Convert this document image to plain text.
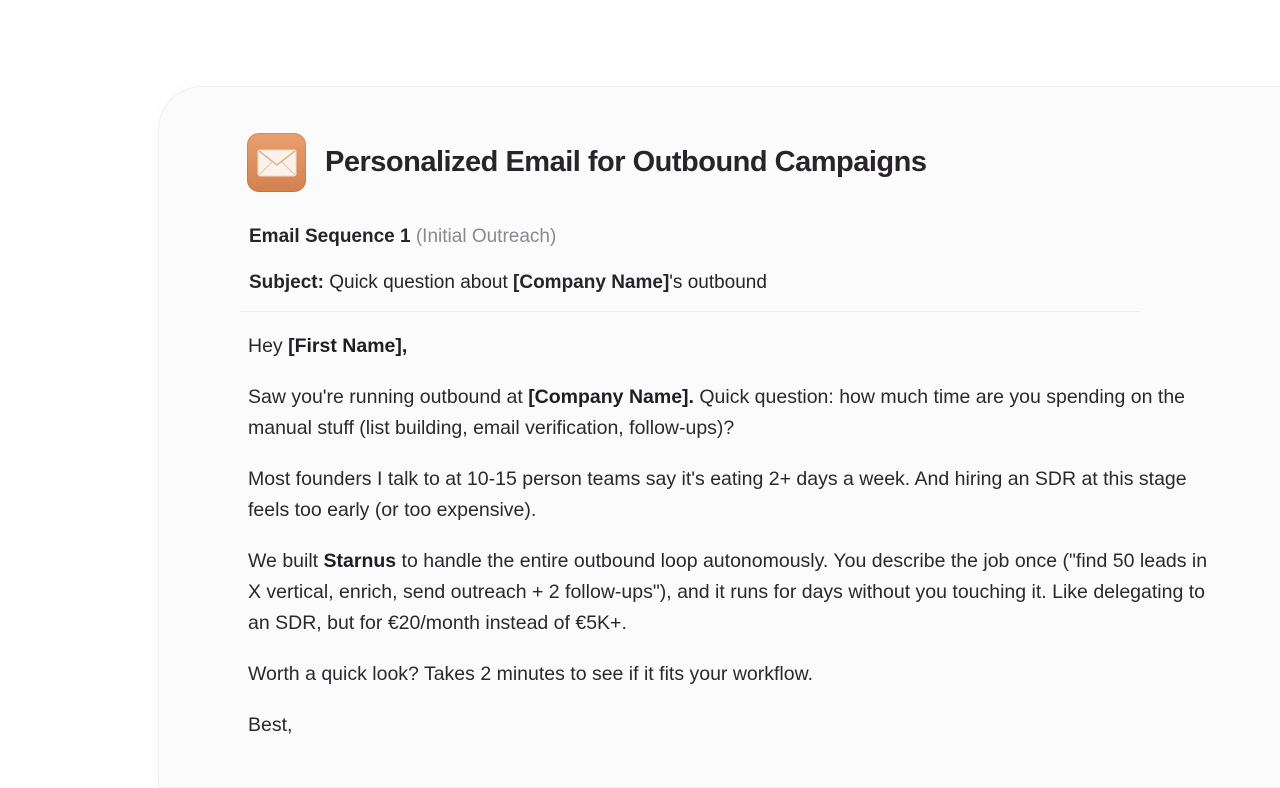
Personalized Email for Outbound Campaigns
Email Sequence 1 (Initial Outreach)
Subject: Quick question about [Company Name]'s outbound

Hey [First Name],

Saw you're running outbound at [Company Name]. Quick question: how much time are you spending on the manual stuff (list building, email verification, follow-ups)?

Most founders I talk to at 10-15 person teams say it's eating 2+ days a week. And hiring an SDR at this stage feels too early (or too expensive).

We built Starnus to handle the entire outbound loop autonomously. You describe the job once ("find 50 leads in X vertical, enrich, send outreach + 2 follow-ups"), and it runs for days without you touching it. Like delegating to an SDR, but for €20/month instead of €5K+.

Worth a quick look? Takes 2 minutes to see if it fits your workflow.

Best,
